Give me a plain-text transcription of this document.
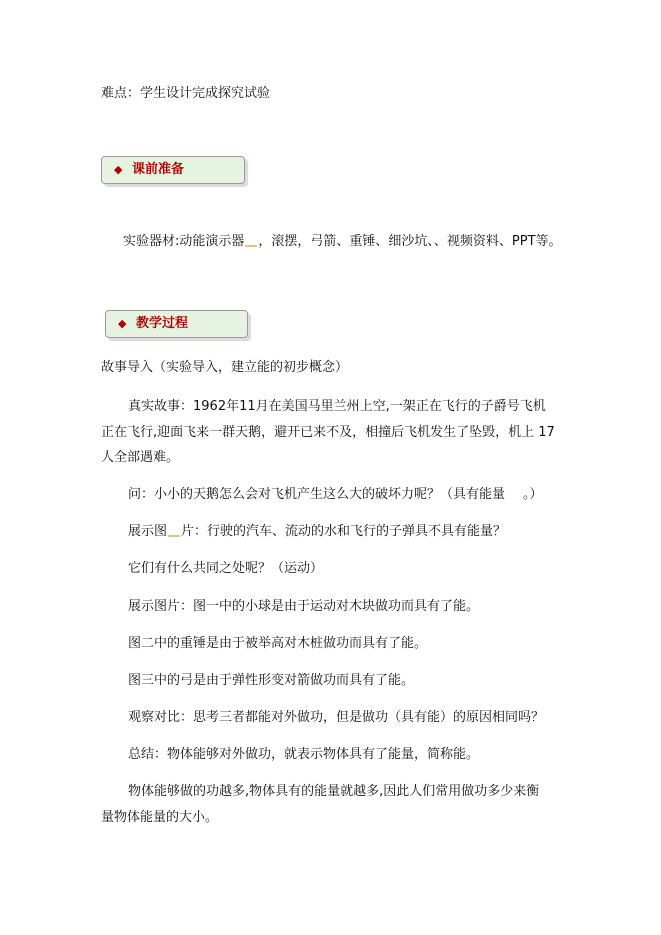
难点：学生设计完成探究试验
◆ 课前准备
实验器材:动能演示器 ，滚摆，弓箭、重锤、细沙坑、、视频资料、PPT等。
◆ 教学过程
故事导入（实验导入，建立能的初步概念）
真实故事：1962年11月在美国马里兰州上空,一架正在飞行的子爵号飞机
正在飞行,迎面飞来一群天鹅，避开已来不及，相撞后飞机发生了坠毁，机上 17
人全部遇难。
问：小小的天鹅怎么会对飞机产生这么大的破坏力呢？（具有能量 。）
展示图 片：行驶的汽车、流动的水和飞行的子弹具不具有能量？
它们有什么共同之处呢？（运动）
展示图片：图一中的小球是由于运动对木块做功而具有了能。
图二中的重锤是由于被举高对木桩做功而具有了能。
图三中的弓是由于弹性形变对箭做功而具有了能。
观察对比：思考三者都能对外做功，但是做功（具有能）的原因相同吗？
总结：物体能够对外做功，就表示物体具有了能量，简称能。
物体能够做的功越多,物体具有的能量就越多,因此人们常用做功多少来衡
量物体能量的大小。
